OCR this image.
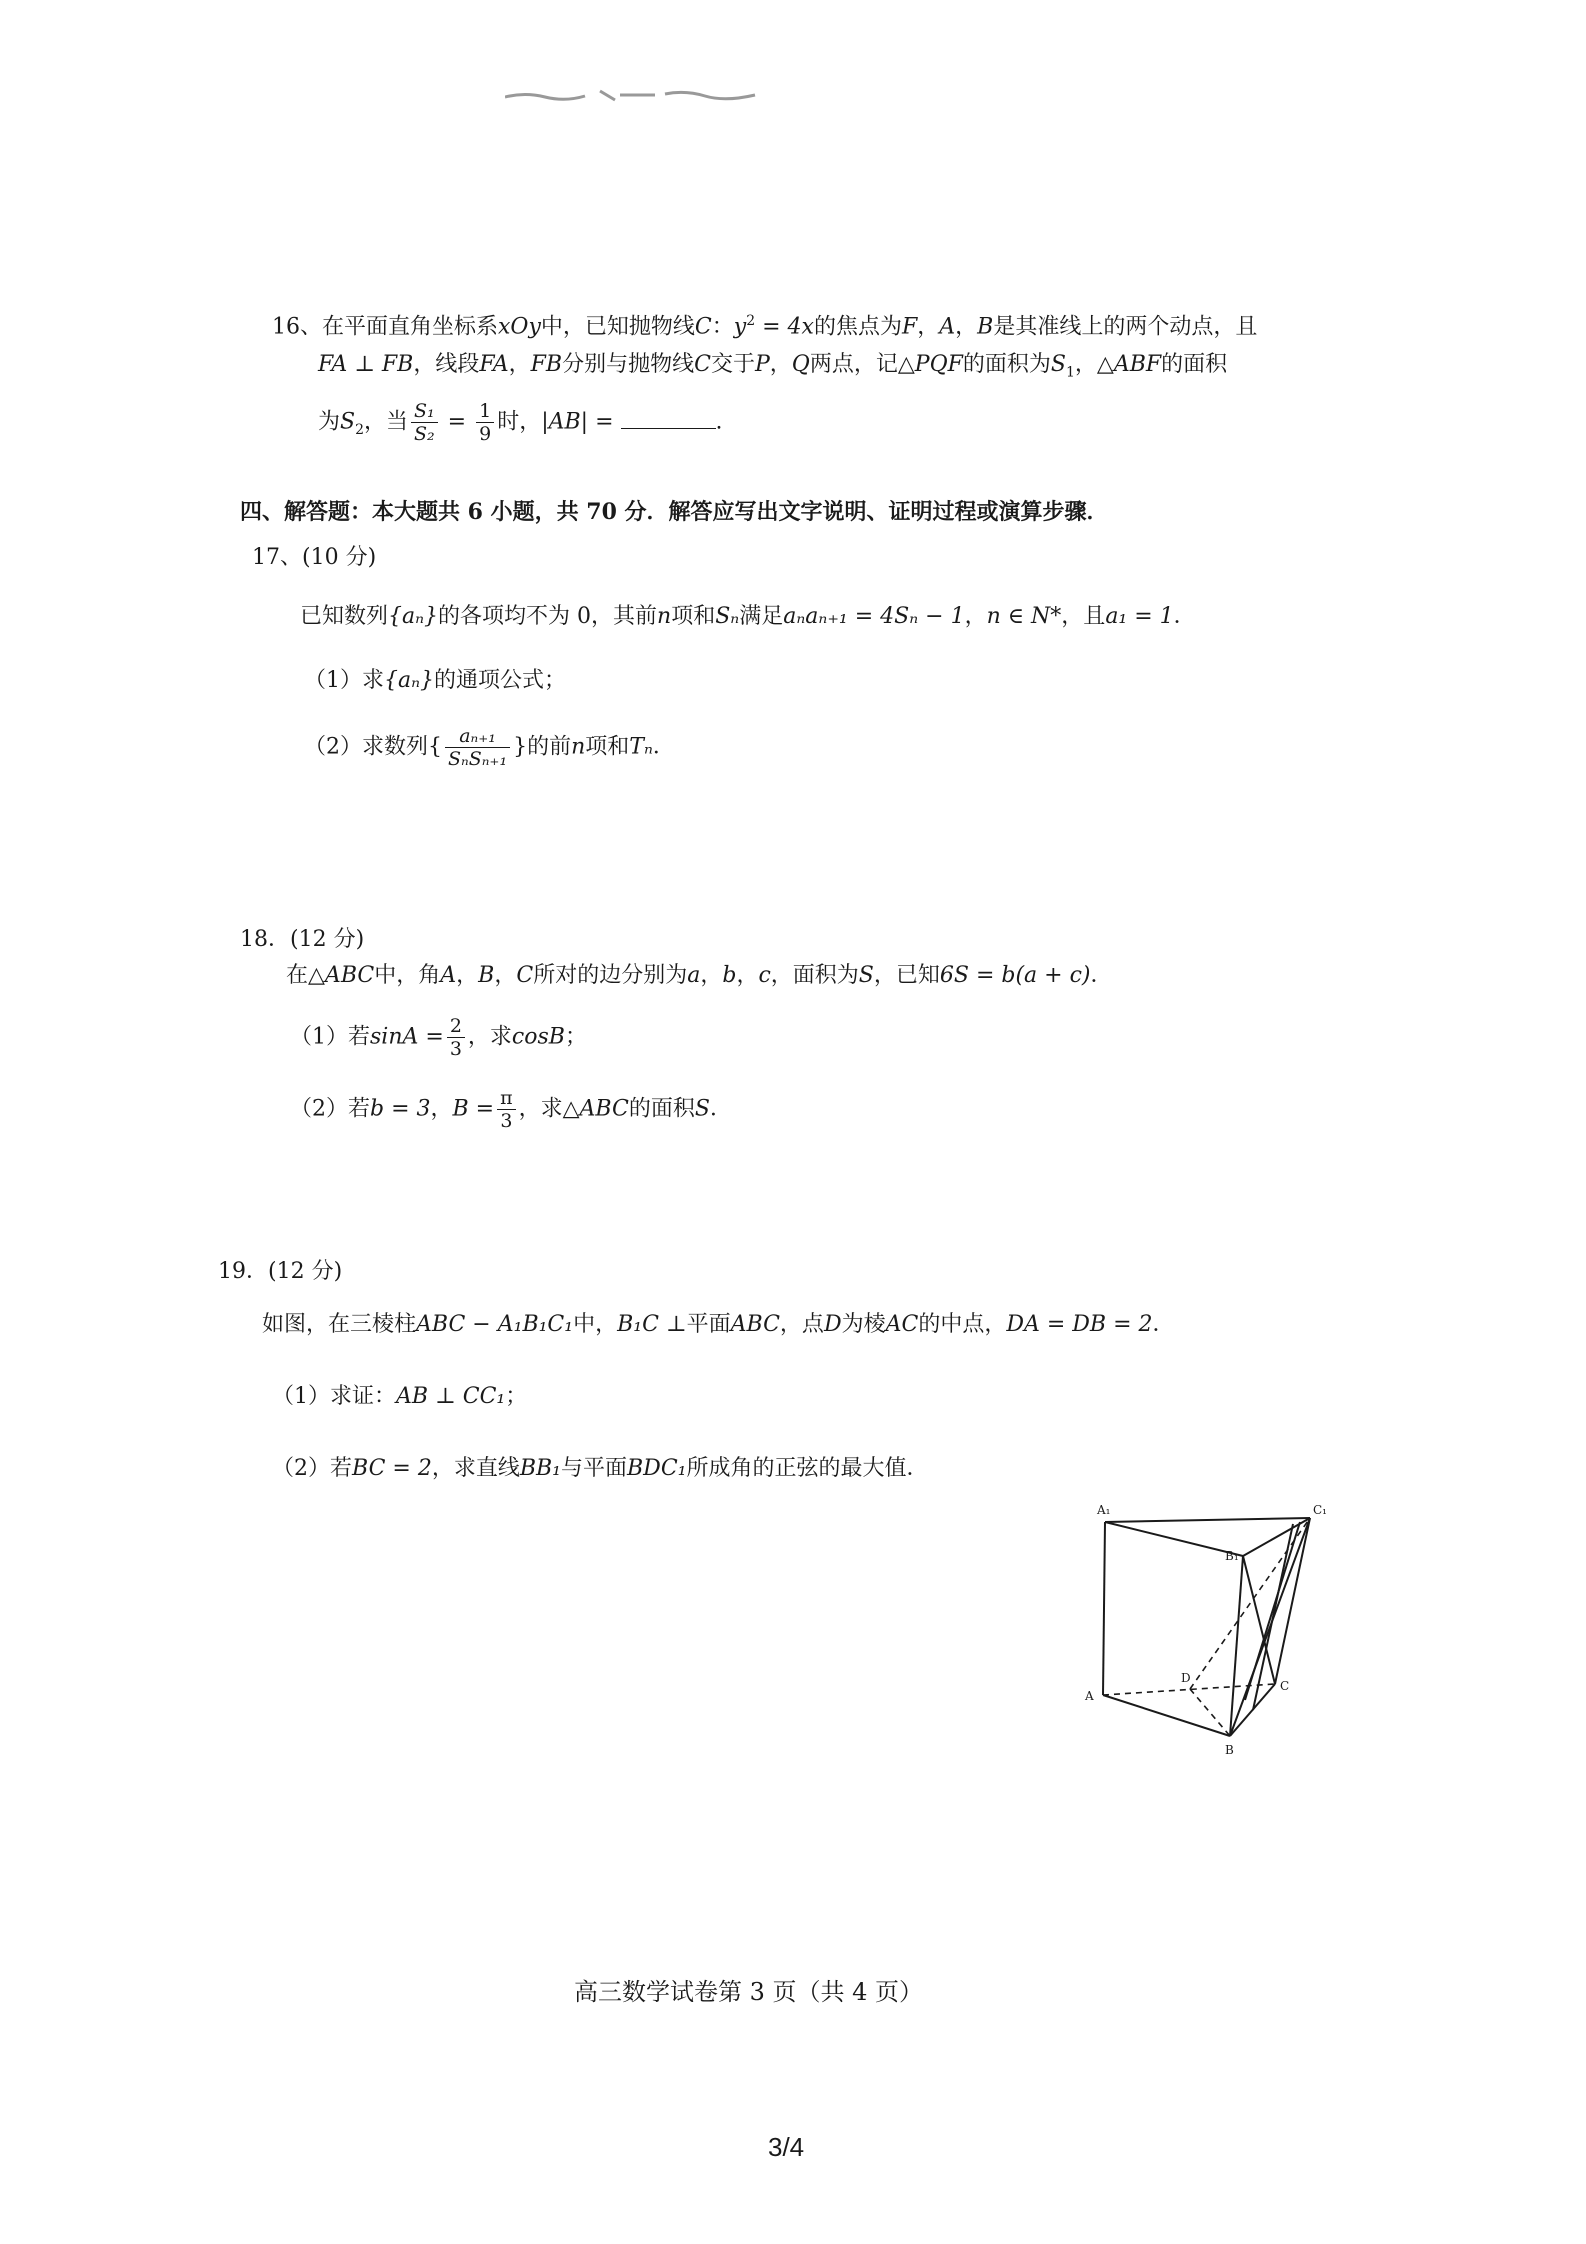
16、在平面直角坐标系xOy中，已知抛物线C：$y^2 = 4x$的焦点为F，A，B是其准线上的两个动点，且
FA ⊥ FB，线段FA，FB分别与抛物线C交于P，Q两点，记△PQF的面积为$S_1$，△ABF的面积
为$S_2$，当 $\frac{\text{S₁}}{\text{S₂}} = \frac{1}{9}$ 时，|AB| =	.
四、解答题：本大题共 6 小题，共 70 分．解答应写出文字说明、证明过程或演算步骤．
17、(10 分)
已知数列{aₙ}的各项均不为 0，其前n项和Sₙ满足aₙaₙ₊₁ = 4Sₙ − 1，n ∈ N*，且a₁ = 1．
（1）求{aₙ}的通项公式；
（2）求数列{ $\frac{\text{aₙ₊₁}}{\text{SₙSₙ₊₁}}$ }的前n项和Tₙ．
18．(12 分)
在△ABC中，角A，B，C所对的边分别为a，b，c，面积为S，已知6S = b(a + c)．
（1）若$\sin A = \frac{2}{3}$ ，求cosB；
（2）若b = 3，$B = \frac{\pi}{3}$ ，求△ABC的面积S．
19．(12 分)
如图，在三棱柱ABC − A₁B₁C₁中，B₁C ⊥平面ABC，点D为棱AC的中点，DA = DB = 2．
（1）求证：AB ⊥ CC₁；
（2）若BC = 2，求直线BB₁与平面BDC₁所成角的正弦的最大值．
A₁	C₁
B₁
A
D
C
B
高三数学试卷第 3 页（共 4 页）
3/4
